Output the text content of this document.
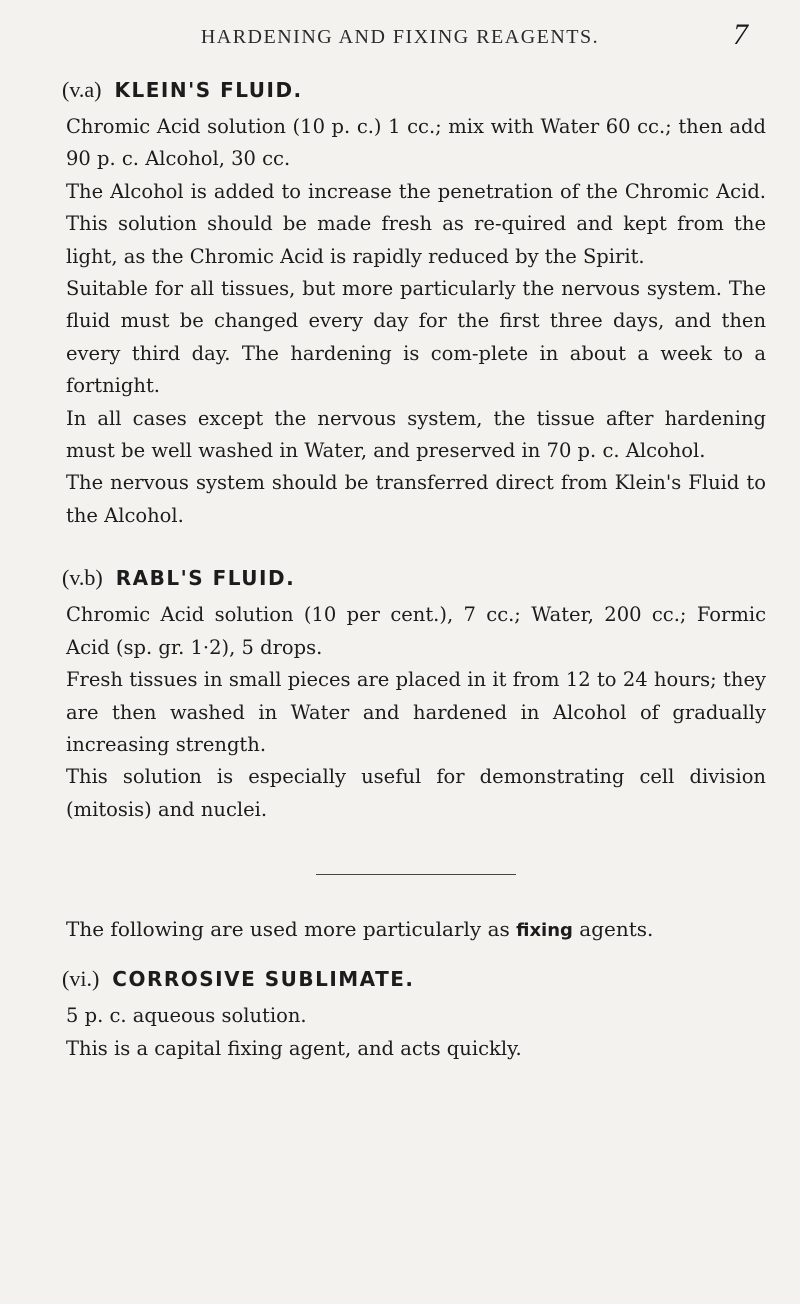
HARDENING AND FIXING REAGENTS.	7
(v.a) KLEIN'S FLUID.

Chromic Acid solution (10 p. c.) 1 cc.; mix with Water 60 cc.; then add 90 p. c. Alcohol, 30 cc.

The Alcohol is added to increase the penetration of the Chromic Acid. This solution should be made fresh as re-quired and kept from the light, as the Chromic Acid is rapidly reduced by the Spirit.

Suitable for all tissues, but more particularly the nervous system. The fluid must be changed every day for the first three days, and then every third day. The hardening is com-plete in about a week to a fortnight.

In all cases except the nervous system, the tissue after hardening must be well washed in Water, and preserved in 70 p. c. Alcohol.

The nervous system should be transferred direct from Klein's Fluid to the Alcohol.

(v.b) RABL'S FLUID.

Chromic Acid solution (10 per cent.), 7 cc.; Water, 200 cc.; Formic Acid (sp. gr. 1·2), 5 drops.

Fresh tissues in small pieces are placed in it from 12 to 24 hours; they are then washed in Water and hardened in Alcohol of gradually increasing strength.

This solution is especially useful for demonstrating cell division (mitosis) and nuclei.

The following are used more particularly as fixing agents.
(vi.) CORROSIVE SUBLIMATE.

5 p. c. aqueous solution.

This is a capital fixing agent, and acts quickly.
